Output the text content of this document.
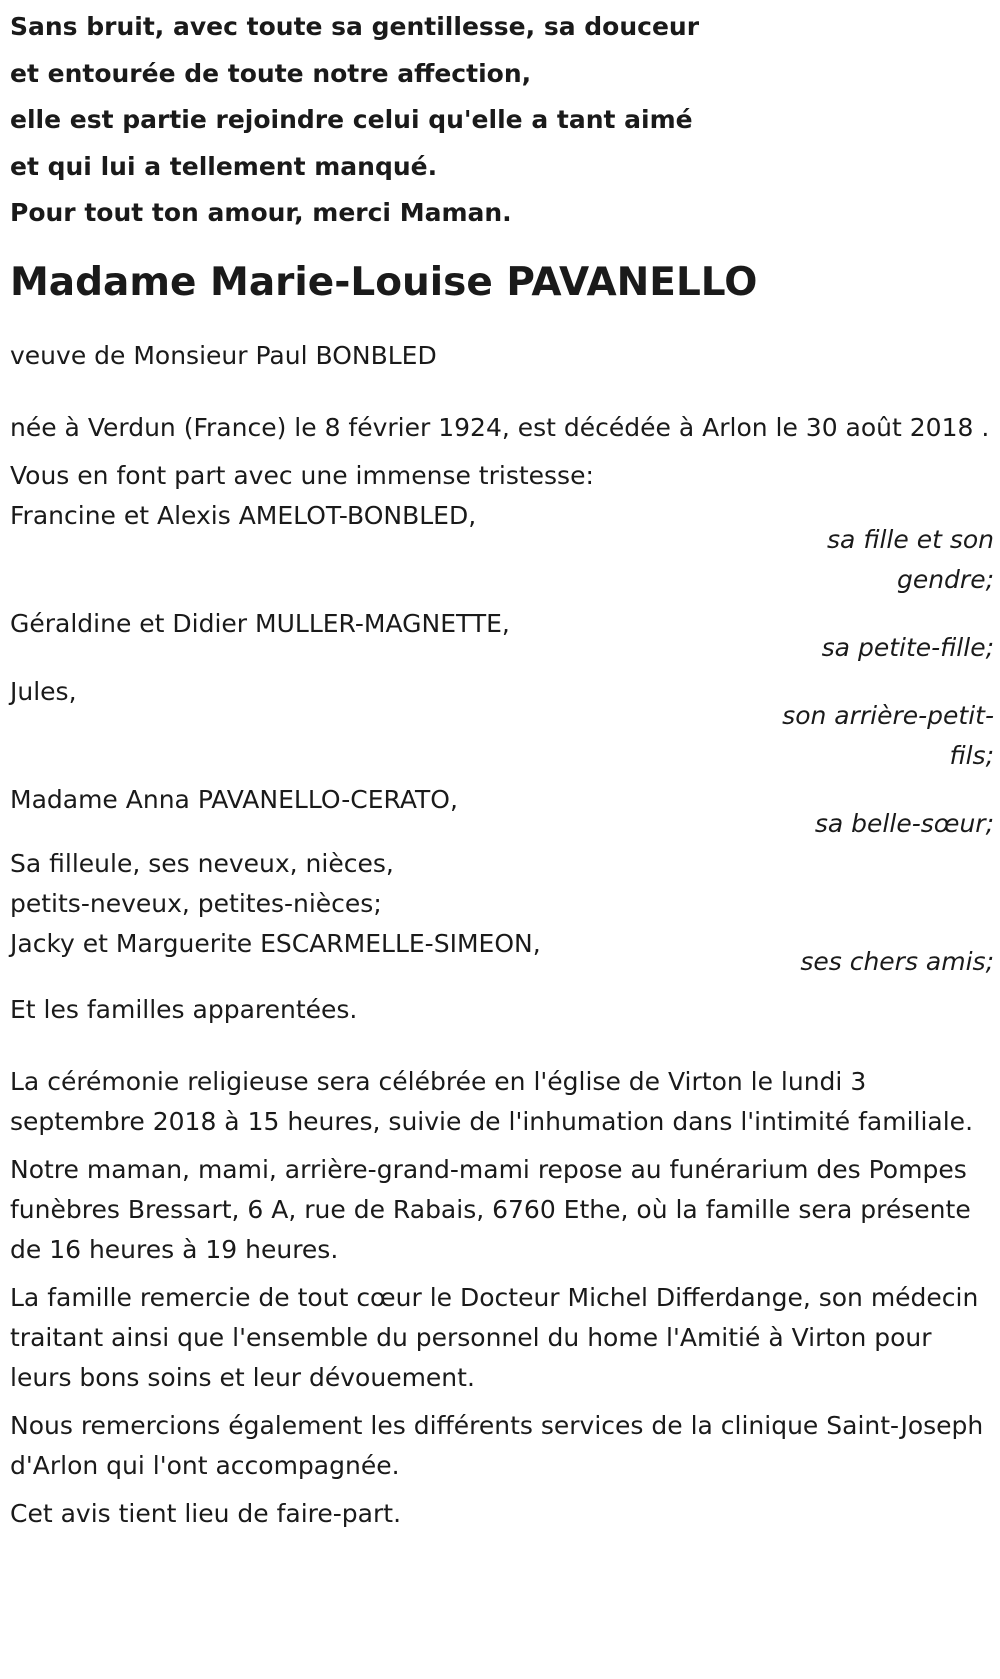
Sans bruit, avec toute sa gentillesse, sa douceur
et entourée de toute notre affection,
elle est partie rejoindre celui qu'elle a tant aimé
et qui lui a tellement manqué.
Pour tout ton amour, merci Maman.
Madame Marie-Louise PAVANELLO

veuve de Monsieur Paul BONBLED

née à Verdun (France) le 8 février 1924, est décédée à Arlon le 30 août 2018 .

Vous en font part avec une immense tristesse:

Francine et Alexis AMELOT-BONBLED,
sa fille et son gendre;
Géraldine et Didier MULLER-MAGNETTE,
sa petite-fille;
Jules,
son arrière-petit-fils;
Madame Anna PAVANELLO-CERATO,
sa belle-sœur;
Sa filleule, ses neveux, nièces,
petits-neveux, petites-nièces;
Jacky et Marguerite ESCARMELLE-SIMEON,
ses chers amis;

Et les familles apparentées.

La cérémonie religieuse sera célébrée en l'église de Virton le lundi 3 septembre 2018 à 15 heures, suivie de l'inhumation dans l'intimité familiale.

Notre maman, mami, arrière-grand-mami repose au funérarium des Pompes funèbres Bressart, 6 A, rue de Rabais, 6760 Ethe, où la famille sera présente de 16 heures à 19 heures.

La famille remercie de tout cœur le Docteur Michel Differdange, son médecin traitant ainsi que l'ensemble du personnel du home l'Amitié à Virton pour leurs bons soins et leur dévouement.

Nous remercions également les différents services de la clinique Saint-Joseph d'Arlon qui l'ont accompagnée.

Cet avis tient lieu de faire-part.
